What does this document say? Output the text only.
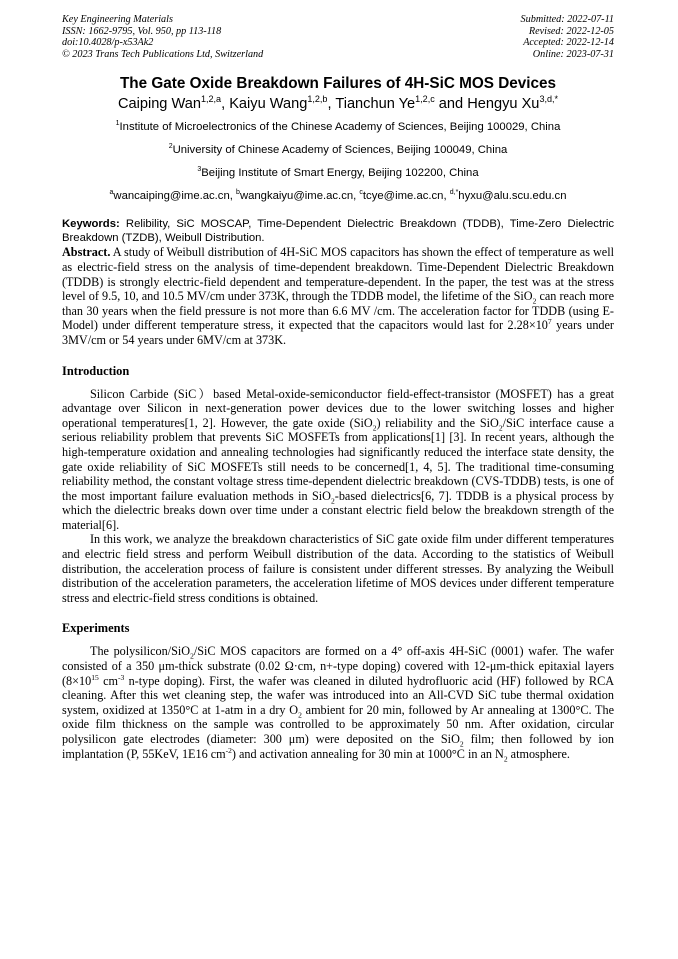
Key Engineering Materials
ISSN: 1662-9795, Vol. 950, pp 113-118
doi:10.4028/p-x53Ak2
© 2023 Trans Tech Publications Ltd, Switzerland
Submitted: 2022-07-11
Revised: 2022-12-05
Accepted: 2022-12-14
Online: 2023-07-31
The Gate Oxide Breakdown Failures of 4H-SiC MOS Devices
Caiping Wan$^{1,2,a}$, Kaiyu Wang$^{1,2,b}$, Tianchun Ye$^{1,2,c}$ and Hengyu $Xu^{3,d,*}$

$^1$Institute of Microelectronics of the Chinese Academy of Sciences, Beijing 100029, China

$^2$University of Chinese Academy of Sciences, Beijing 100049, China

$^3$Beijing Institute of Smart Energy, Beijing 102200, China

$^a$wancaiping@ime.ac.cn, $^b$wangkaiyu@ime.ac.cn, $^c$tcye@ime.ac.cn, $^{d,*}$hyxu@alu.scu.edu.cn

Keywords: Relibility, SiC MOSCAP, Time-Dependent Dielectric Breakdown (TDDB), Time-Zero Dielectric Breakdown (TZDB), Weibull Distribution.

Abstract. A study of Weibull distribution of 4H-SiC MOS capacitors has shown the effect of temperature as well as electric-field stress on the analysis of time-dependent breakdown. Time-Dependent Dielectric Breakdown (TDDB) is strongly electric-field dependent and temperature-dependent. In the paper, the test was at the stress level of 9.5, 10, and 10.5 MV/cm under 373K, through the TDDB model, the lifetime of the SiO$_2$ can reach more than 30 years when the field pressure is not more than 6.6 MV /cm. The acceleration factor for TDDB (using E-Model) under different temperature stress, it expected that the capacitors would last for $2.28\times 10^7$ years under 3MV/cm or 54 years under 6MV/cm at 373K.

Introduction

Silicon Carbide (SiC）based Metal-oxide-semiconductor field-effect-transistor (MOSFET) has a great advantage over Silicon in next-generation power devices due to the lower switching losses and higher operational temperatures[1, 2]. However, the gate oxide (SiO$_2$) reliability and the SiO$_2$/SiC interface cause a serious reliability problem that prevents SiC MOSFETs from applications[1] [3]. In recent years, although the high-temperature oxidation and annealing technologies had significantly reduced the interface state density, the gate oxide reliability of SiC MOSFETs still needs to be concerned[1, 4, 5]. The traditional time-consuming reliability method, the constant voltage stress time-dependent dielectric breakdown (CVS-TDDB) tests, is one of the most important failure evaluation methods in SiO$_2$-based dielectrics[6, 7]. TDDB is a physical process by which the dielectric breaks down over time under a constant electric field below the breakdown strength of the material[6].

In this work, we analyze the breakdown characteristics of SiC gate oxide film under different temperatures and electric field stress and perform Weibull distribution of the data. According to the statistics of Weibull distribution, the acceleration process of failure is consistent under different stresses. By analyzing the Weibull distribution of the acceleration parameters, the acceleration lifetime of MOS devices under different temperature stress and electric-field stress conditions is obtained.

Experiments

The polysilicon/SiO$_2$/SiC MOS capacitors are formed on a 4° off-axis 4H-SiC (0001) wafer. The wafer consisted of a 350 μm-thick substrate (0.02 Ω·cm, n+-type doping) covered with 12-μm-thick epitaxial layers ($8\times 10^{15}$ $cm^{-3}$ n-type doping). First, the wafer was cleaned in diluted hydrofluoric acid (HF) followed by RCA cleaning. After this wet cleaning step, the wafer was introduced into an All-CVD SiC tube thermal oxidation system, oxidized at 1350°C at 1-atm in a dry $O_2$ ambient for 20 min, followed by Ar annealing at 1300°C. The oxide film thickness on the sample was controlled to be approximately 50 nm. After oxidation, circular polysilicon gate electrodes (diameter: 300 μm) were deposited on the SiO$_2$ film; then followed by ion implantation (P, 55KeV, 1E16 $cm^{-2}$) and activation annealing for 30 min at 1000°C in an $N_2$ atmosphere.
